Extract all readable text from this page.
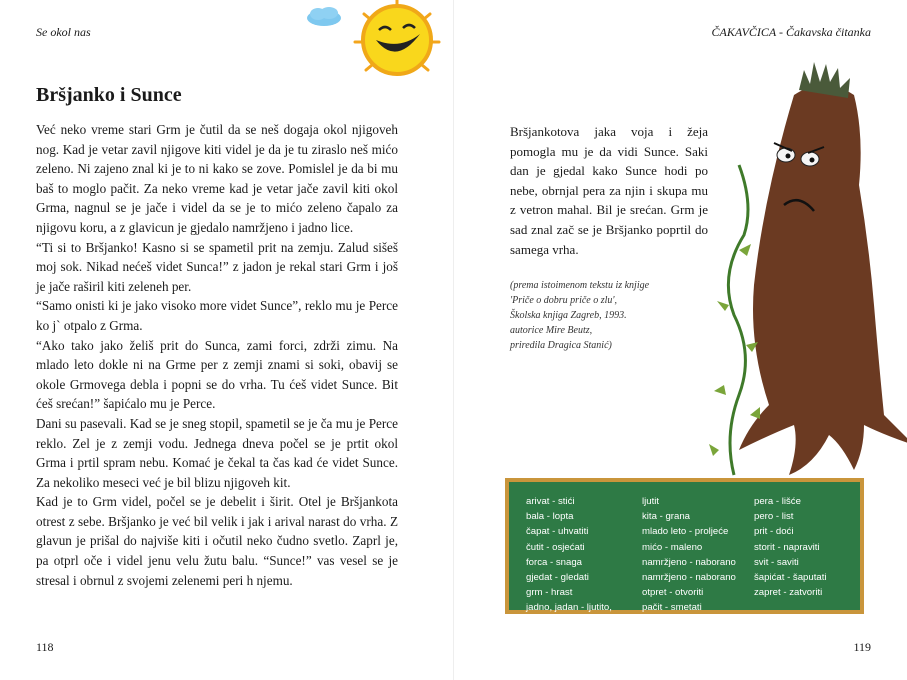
Se okol nas	ČAKAVČICA - Čakavska čitanka
Bršjanko i Sunce

Već neko vreme stari Grm je čutil da se neš dogaja okol njigoveh nog. Kad je vetar zavil njigove kiti videl je da je tu ziraslo neš mićo zeleno. Ni zajeno znal ki je to ni kako se zove. Pomislel je da bi mu baš to moglo pačit. Za neko vreme kad je vetar jače zavil kiti okol Grma, nagnul se je jače i videl da se je to mićo zeleno čapalo za njigovu koru, a z glavicun je gjedalo namržjeno i jadno lice.

“Ti si to Bršjanko! Kasno si se spametil prit na zemju. Zalud sišeš moj sok. Nikad nećeš videt Sunca!” z jadon je rekal stari Grm i još je jače raširil kiti zeleneh per.

“Samo onisti ki je jako visoko more videt Sunce”, reklo mu je Perce ko j` otpalo z Grma.

“Ako tako jako želiš prit do Sunca, zami forci, zdrži zimu. Na mlado leto dokle ni na Grme per z zemji znami si soki, obavij se okole Grmovega debla i popni se do vrha. Tu ćeš videt Sunce. Bit ćeš srećan!” šapićalo mu je Perce.

Dani su pasevali. Kad se je sneg stopil, spametil se je ča mu je Perce reklo. Zel je z zemji vodu. Jednega dneva počel se je prtit okol Grma i prtil spram nebu. Komać je čekal ta čas kad će videt Sunce. Za nekoliko meseci već je bil blizu njigoveh kit.

Kad je to Grm videl, počel se je debelit i širit. Otel je Bršjankota otrest z sebe. Bršjanko je već bil velik i jak i arival narast do vrha. Z glavun je prišal do najviše kiti i očutil neko čudno svetlo. Zaprl je, pa otprl oče i videl jenu velu žutu balu. “Sunce!” vas vesel se je stresal i obrnul z svojemi zelenemi peri h njemu.

118

Bršjankotova jaka voja i žeja pomogla mu je da vidi Sunce. Saki dan je gjedal kako Sunce hodi po nebe, obrnjal pera za njin i skupa mu z vetron mahal. Bil je srećan. Grm je sad znal zač se je Bršjanko poprtil do samega vrha.

(prema istoimenom tekstu iz knjige
'Priče o dobru priče o zlu',
Školska knjiga Zagreb, 1993.
autorice Mire Beutz,
priredila Dragica Stanić)
arivat - stići
bala - lopta
čapat - uhvatiti
čutit - osjećati
forca - snaga
gjedat - gledati
grm - hrast
jadno, jadan - ljutito,
ljutit
kita - grana
mlado leto - proljeće
mićo - maleno
namržjeno - naborano
namržjeno - naborano
otpret - otvoriti
pačit - smetati
pera - lišće
pero - list
prit - doći
storit - napraviti
svit - saviti
šapićat - šaputati
zapret - zatvoriti
119
